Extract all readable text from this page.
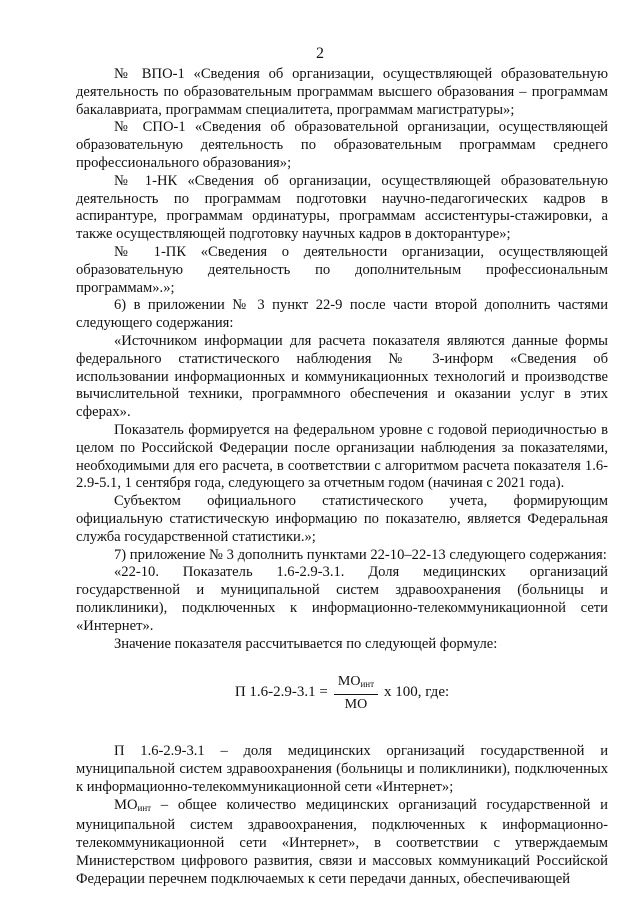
2

№ ВПО-1 «Сведения об организации, осуществляющей образовательную деятельность по образовательным программам высшего образования – программам бакалавриата, программам специалитета, программам магистратуры»;

№ СПО-1 «Сведения об образовательной организации, осуществляющей образовательную деятельность по образовательным программам среднего профессионального образования»;

№ 1-НК «Сведения об организации, осуществляющей образовательную деятельность по программам подготовки научно-педагогических кадров в аспирантуре, программам ординатуры, программам ассистентуры-стажировки, а также осуществляющей подготовку научных кадров в докторантуре»;

№ 1-ПК «Сведения о деятельности организации, осуществляющей образовательную деятельность по дополнительным профессиональным программам».»;

6) в приложении № 3 пункт 22-9 после части второй дополнить частями следующего содержания:

«Источником информации для расчета показателя являются данные формы федерального статистического наблюдения № 3-информ «Сведения об использовании информационных и коммуникационных технологий и производстве вычислительной техники, программного обеспечения и оказании услуг в этих сферах».

Показатель формируется на федеральном уровне с годовой периодичностью в целом по Российской Федерации после организации наблюдения за показателями, необходимыми для его расчета, в соответствии с алгоритмом расчета показателя 1.6-2.9-5.1, 1 сентября года, следующего за отчетным годом (начиная с 2021 года).

Субъектом официального статистического учета, формирующим официальную статистическую информацию по показателю, является Федеральная служба государственной статистики.»;

7) приложение № 3 дополнить пунктами 22-10–22-13 следующего содержания:

«22-10. Показатель 1.6-2.9-3.1. Доля медицинских организаций государственной и муниципальной систем здравоохранения (больницы и поликлиники), подключенных к информационно-телекоммуникационной сети «Интернет».

Значение показателя рассчитывается по следующей формуле:

П $1.6-2.9-3.1 = \frac{МО_{инт}}{МО}$ x 100, где:

П 1.6-2.9-3.1 – доля медицинских организаций государственной и муниципальной систем здравоохранения (больницы и поликлиники), подключенных к информационно-телекоммуникационной сети «Интернет»;

$МО_{инт}$ – общее количество медицинских организаций государственной и муниципальной систем здравоохранения, подключенных к информационно-телекоммуникационной сети «Интернет», в соответствии с утверждаемым Министерством цифрового развития, связи и массовых коммуникаций Российской Федерации перечнем подключаемых к сети передачи данных, обеспечивающей
